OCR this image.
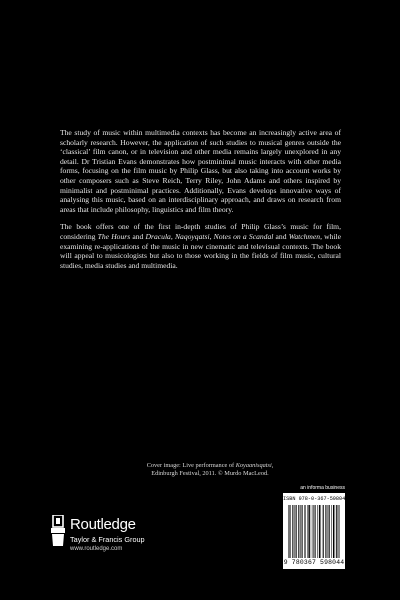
The study of music within multimedia contexts has become an increasingly active area of scholarly research. However, the application of such studies to musical genres outside the ‘classical’ film canon, or in television and other media remains largely unexplored in any detail. Dr Tristian Evans demonstrates how postminimal music interacts with other media forms, focusing on the film music by Philip Glass, but also taking into account works by other composers such as Steve Reich, Terry Riley, John Adams and others inspired by minimalist and postminimal practices. Additionally, Evans develops innovative ways of analysing this music, based on an interdisciplinary approach, and draws on research from areas that include philosophy, linguistics and film theory.

The book offers one of the first in-depth studies of Philip Glass’s music for film, considering The Hours and Dracula, Naqoyqatsi, Notes on a Scandal and Watchmen, while examining re-applications of the music in new cinematic and televisual contexts. The book will appeal to musicologists but also to those working in the fields of film music, cultural studies, media studies and multimedia.

Cover image: Live performance of Koyaanisqatsi,
Edinburgh Festival, 2011. © Murdo MacLeod.
Routledge
Taylor & Francis Group
www.routledge.com
an informa business
ISBN 978-0-367-59804-4
9 780367 598044
